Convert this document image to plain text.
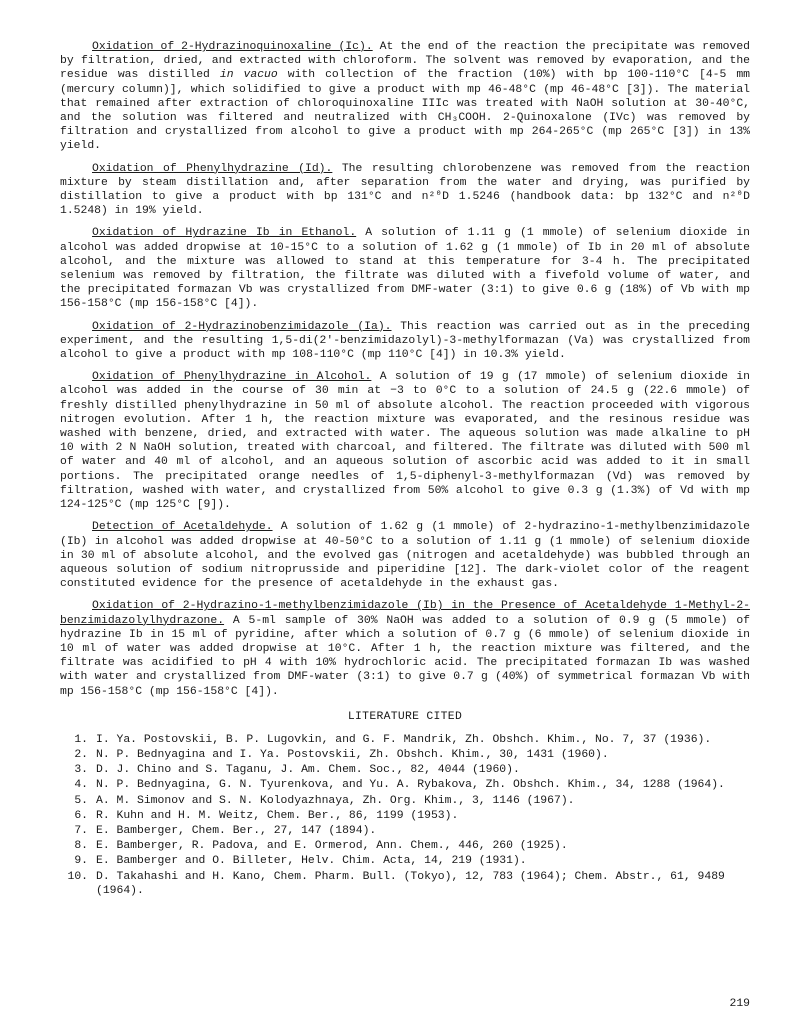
Oxidation of 2-Hydrazinoquinoxaline (Ic). At the end of the reaction the precipitate was removed by filtration, dried, and extracted with chloroform. The solvent was removed by evaporation, and the residue was distilled in vacuo with collection of the fraction (10%) with bp 100-110°C [4-5 mm (mercury column)], which solidified to give a product with mp 46-48°C (mp 46-48°C [3]). The material that remained after extraction of chloroquinoxaline IIIc was treated with NaOH solution at 30-40°C, and the solution was filtered and neutralized with CH₃COOH. 2-Quinoxalone (IVc) was removed by filtration and crystallized from alcohol to give a product with mp 264-265°C (mp 265°C [3]) in 13% yield.

Oxidation of Phenylhydrazine (Id). The resulting chlorobenzene was removed from the reaction mixture by steam distillation and, after separation from the water and drying, was purified by distillation to give a product with bp 131°C and n²⁰D 1.5246 (handbook data: bp 132°C and n²⁰D 1.5248) in 19% yield.

Oxidation of Hydrazine Ib in Ethanol. A solution of 1.11 g (1 mmole) of selenium dioxide in alcohol was added dropwise at 10-15°C to a solution of 1.62 g (1 mmole) of Ib in 20 ml of absolute alcohol, and the mixture was allowed to stand at this temperature for 3-4 h. The precipitated selenium was removed by filtration, the filtrate was diluted with a fivefold volume of water, and the precipitated formazan Vb was crystallized from DMF-water (3:1) to give 0.6 g (18%) of Vb with mp 156-158°C (mp 156-158°C [4]).

Oxidation of 2-Hydrazinobenzimidazole (Ia). This reaction was carried out as in the preceding experiment, and the resulting 1,5-di(2'-benzimidazolyl)-3-methylformazan (Va) was crystallized from alcohol to give a product with mp 108-110°C (mp 110°C [4]) in 10.3% yield.

Oxidation of Phenylhydrazine in Alcohol. A solution of 19 g (17 mmole) of selenium dioxide in alcohol was added in the course of 30 min at −3 to 0°C to a solution of 24.5 g (22.6 mmole) of freshly distilled phenylhydrazine in 50 ml of absolute alcohol. The reaction proceeded with vigorous nitrogen evolution. After 1 h, the reaction mixture was evaporated, and the resinous residue was washed with benzene, dried, and extracted with water. The aqueous solution was made alkaline to pH 10 with 2 N NaOH solution, treated with charcoal, and filtered. The filtrate was diluted with 500 ml of water and 40 ml of alcohol, and an aqueous solution of ascorbic acid was added to it in small portions. The precipitated orange needles of 1,5-diphenyl-3-methylformazan (Vd) was removed by filtration, washed with water, and crystallized from 50% alcohol to give 0.3 g (1.3%) of Vd with mp 124-125°C (mp 125°C [9]).

Detection of Acetaldehyde. A solution of 1.62 g (1 mmole) of 2-hydrazino-1-methylbenzimidazole (Ib) in alcohol was added dropwise at 40-50°C to a solution of 1.11 g (1 mmole) of selenium dioxide in 30 ml of absolute alcohol, and the evolved gas (nitrogen and acetaldehyde) was bubbled through an aqueous solution of sodium nitroprusside and piperidine [12]. The dark-violet color of the reagent constituted evidence for the presence of acetaldehyde in the exhaust gas.

Oxidation of 2-Hydrazino-1-methylbenzimidazole (Ib) in the Presence of Acetaldehyde 1-Methyl-2-benzimidazolylhydrazone. A 5-ml sample of 30% NaOH was added to a solution of 0.9 g (5 mmole) of hydrazine Ib in 15 ml of pyridine, after which a solution of 0.7 g (6 mmole) of selenium dioxide in 10 ml of water was added dropwise at 10°C. After 1 h, the reaction mixture was filtered, and the filtrate was acidified to pH 4 with 10% hydrochloric acid. The precipitated formazan Ib was washed with water and crystallized from DMF-water (3:1) to give 0.7 g (40%) of symmetrical formazan Vb with mp 156-158°C (mp 156-158°C [4]).

LITERATURE CITED
1. I. Ya. Postovskii, B. P. Lugovkin, and G. F. Mandrik, Zh. Obshch. Khim., No. 7, 37 (1936).
2. N. P. Bednyagina and I. Ya. Postovskii, Zh. Obshch. Khim., 30, 1431 (1960).
3. D. J. Chino and S. Taganu, J. Am. Chem. Soc., 82, 4044 (1960).
4. N. P. Bednyagina, G. N. Tyurenkova, and Yu. A. Rybakova, Zh. Obshch. Khim., 34, 1288 (1964).
5. A. M. Simonov and S. N. Kolodyazhnaya, Zh. Org. Khim., 3, 1146 (1967).
6. R. Kuhn and H. M. Weitz, Chem. Ber., 86, 1199 (1953).
7. E. Bamberger, Chem. Ber., 27, 147 (1894).
8. E. Bamberger, R. Padova, and E. Ormerod, Ann. Chem., 446, 260 (1925).
9. E. Bamberger and O. Billeter, Helv. Chim. Acta, 14, 219 (1931).
10. D. Takahashi and H. Kano, Chem. Pharm. Bull. (Tokyo), 12, 783 (1964); Chem. Abstr., 61, 9489 (1964).
219
